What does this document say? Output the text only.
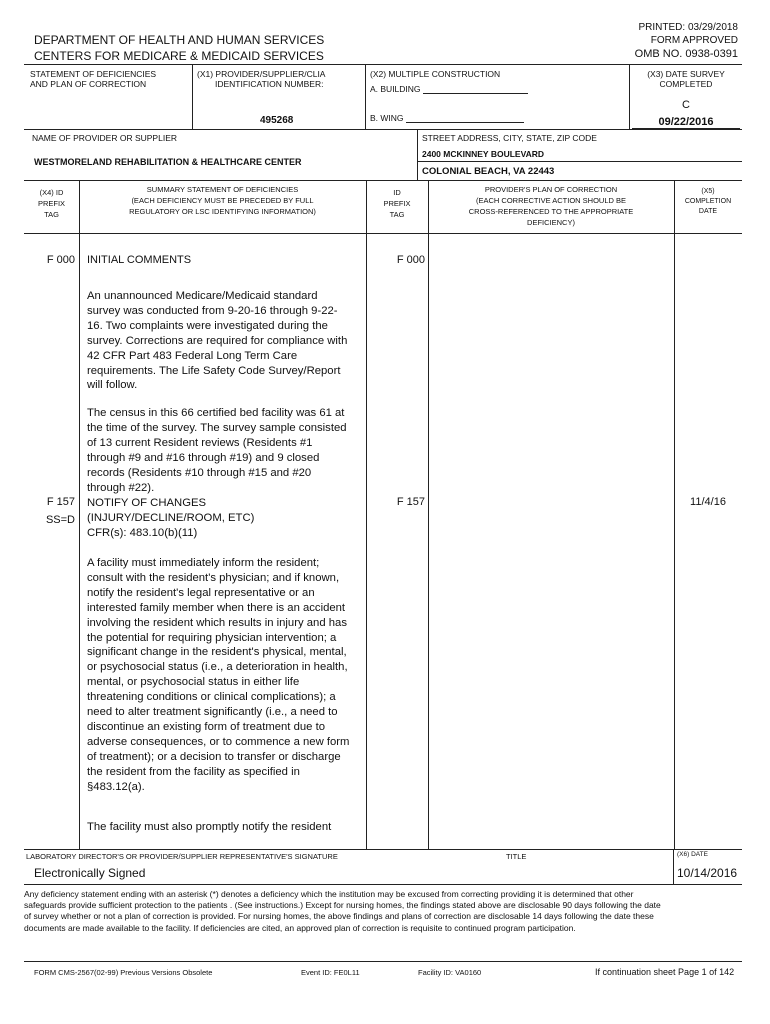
PRINTED: 03/29/2018
FORM APPROVED
OMB NO. 0938-0391
DEPARTMENT OF HEALTH AND HUMAN SERVICES
CENTERS FOR MEDICARE & MEDICAID SERVICES
STATEMENT OF DEFICIENCIES
AND PLAN OF CORRECTION
(X1) PROVIDER/SUPPLIER/CLIA
IDENTIFICATION NUMBER:
495268
(X2) MULTIPLE CONSTRUCTION
A. BUILDING
B. WING
(X3) DATE SURVEY
COMPLETED
C
09/22/2016
NAME OF PROVIDER OR SUPPLIER
WESTMORELAND REHABILITATION & HEALTHCARE CENTER
STREET ADDRESS, CITY, STATE, ZIP CODE
2400 MCKINNEY BOULEVARD
COLONIAL BEACH, VA 22443
(X4) ID
PREFIX
TAG
SUMMARY STATEMENT OF DEFICIENCIES
(EACH DEFICIENCY MUST BE PRECEDED BY FULL
REGULATORY OR LSC IDENTIFYING INFORMATION)
ID
PREFIX
TAG
PROVIDER'S PLAN OF CORRECTION
(EACH CORRECTIVE ACTION SHOULD BE
CROSS-REFERENCED TO THE APPROPRIATE
DEFICIENCY)
(X5)
COMPLETION
DATE
F 000	F 000
INITIAL COMMENTS
An unannounced Medicare/Medicaid standard survey was conducted from 9-20-16 through 9-22-16. Two complaints were investigated during the survey. Corrections are required for compliance with 42 CFR Part 483 Federal Long Term Care requirements. The Life Safety Code Survey/Report will follow.
The census in this 66 certified bed facility was 61 at the time of the survey. The survey sample consisted of 13 current Resident reviews (Residents #1 through #9 and #16 through #19) and 9 closed records (Residents #10 through #15 and #20 through #22).
F 157
SS=D
F 157	11/4/16
NOTIFY OF CHANGES
(INJURY/DECLINE/ROOM, ETC)
CFR(s): 483.10(b)(11)
A facility must immediately inform the resident; consult with the resident's physician; and if known, notify the resident's legal representative or an interested family member when there is an accident involving the resident which results in injury and has the potential for requiring physician intervention; a significant change in the resident's physical, mental, or psychosocial status (i.e., a deterioration in health, mental, or psychosocial status in either life threatening conditions or clinical complications); a need to alter treatment significantly (i.e., a need to discontinue an existing form of treatment due to adverse consequences, or to commence a new form of treatment); or a decision to transfer or discharge the resident from the facility as specified in §483.12(a).
The facility must also promptly notify the resident
LABORATORY DIRECTOR'S OR PROVIDER/SUPPLIER REPRESENTATIVE'S SIGNATURE	TITLE	(X6) DATE
Electronically Signed	10/14/2016
Any deficiency statement ending with an asterisk (*) denotes a deficiency which the institution may be excused from correcting providing it is determined that other safeguards provide sufficient protection to the patients . (See instructions.) Except for nursing homes, the findings stated above are disclosable 90 days following the date of survey whether or not a plan of correction is provided. For nursing homes, the above findings and plans of correction are disclosable 14 days following the date these documents are made available to the facility. If deficiencies are cited, an approved plan of correction is requisite to continued program participation.
FORM CMS-2567(02-99) Previous Versions Obsolete	Event ID: FE0L11	Facility ID: VA0160	If continuation sheet Page 1 of 142
